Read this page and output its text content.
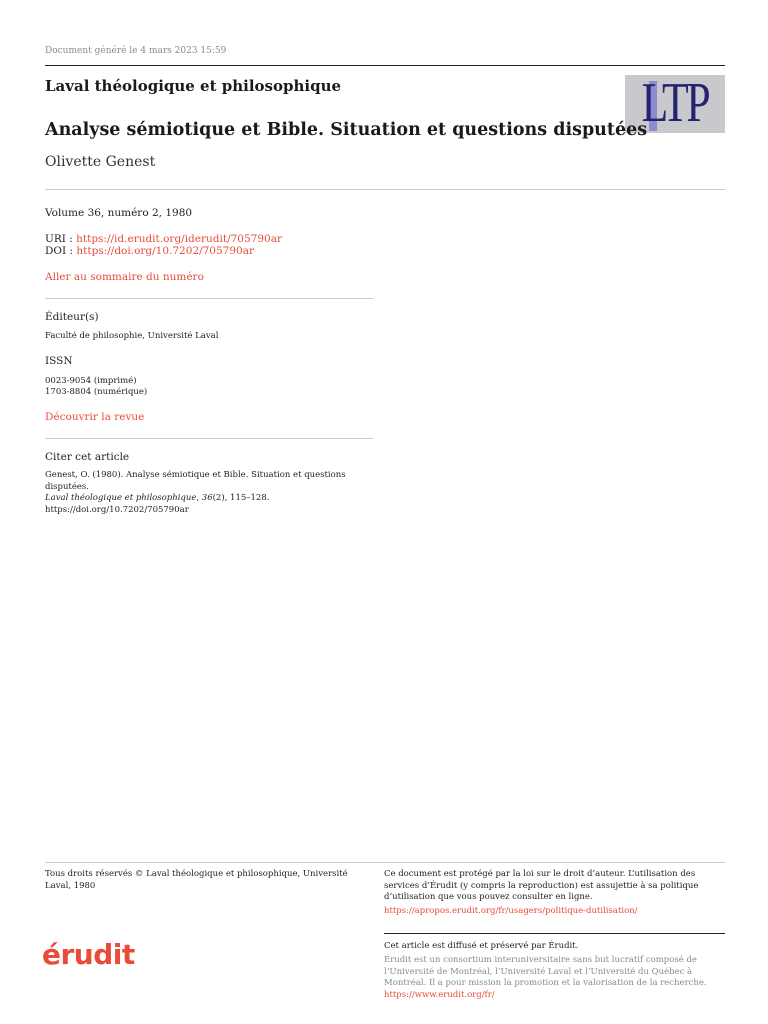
Document généré le 4 mars 2023 15:59
Laval théologique et philosophique	LTP
Analyse sémiotique et Bible. Situation et questions disputées
Olivette Genest
Volume 36, numéro 2, 1980
URI : https://id.erudit.org/iderudit/705790ar
DOI : https://doi.org/10.7202/705790ar
Aller au sommaire du numéro
Éditeur(s)
Faculté de philosophie, Université Laval
ISSN
0023-9054 (imprimé)
1703-8804 (numérique)
Découvrir la revue
Citer cet article
Genest, O. (1980). Analyse sémiotique et Bible. Situation et questions disputées.
Laval théologique et philosophique, 36(2), 115–128.
https://doi.org/10.7202/705790ar
Tous droits réservés © Laval théologique et philosophique, Université Laval, 1980
Ce document est protégé par la loi sur le droit d’auteur. L’utilisation des services d’Érudit (y compris la reproduction) est assujettie à sa politique d’utilisation que vous pouvez consulter en ligne.
https://apropos.erudit.org/fr/usagers/politique-dutilisation/
érudit	Cet article est diffusé et préservé par Érudit.
Érudit est un consortium interuniversitaire sans but lucratif composé de l’Université de Montréal, l’Université Laval et l’Université du Québec à Montréal. Il a pour mission la promotion et la valorisation de la recherche.
https://www.erudit.org/fr/
